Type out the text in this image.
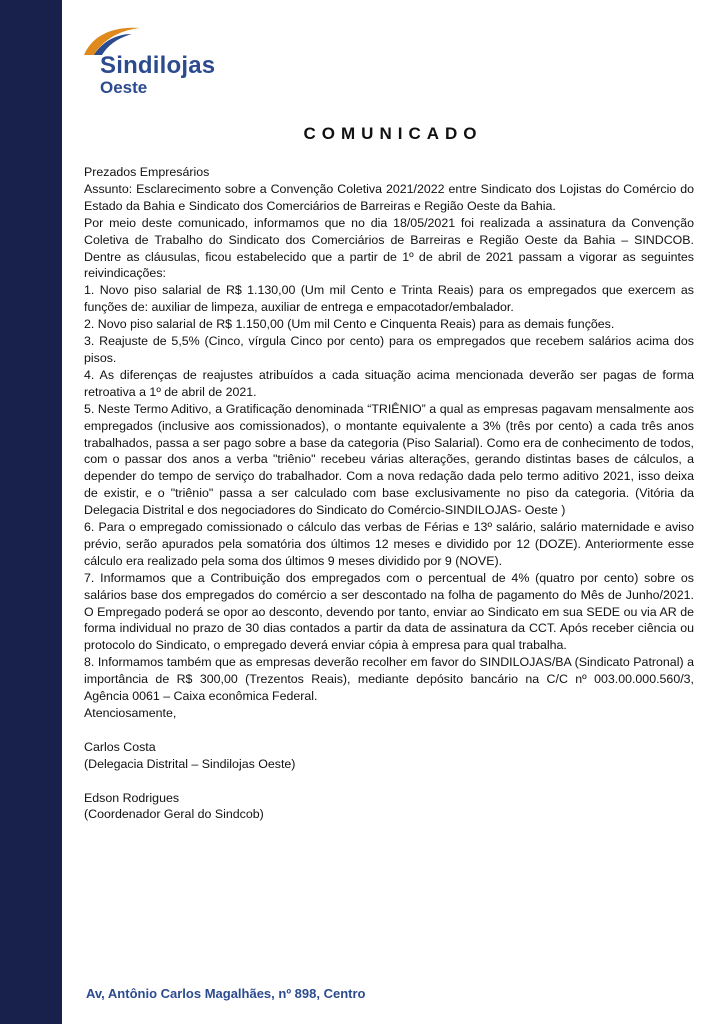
Sindilojas
Oeste
COMUNICADO

Prezados Empresários

Assunto: Esclarecimento sobre a Convenção Coletiva 2021/2022 entre Sindicato dos Lojistas do Comércio do Estado da Bahia e Sindicato dos Comerciários de Barreiras e Região Oeste da Bahia.

Por meio deste comunicado, informamos que no dia 18/05/2021 foi realizada a assinatura da Convenção Coletiva de Trabalho do Sindicato dos Comerciários de Barreiras e Região Oeste da Bahia – SINDCOB. Dentre as cláusulas, ficou estabelecido que a partir de 1º de abril de 2021 passam a vigorar as seguintes reivindicações:

1. Novo piso salarial de R$ 1.130,00 (Um mil Cento e Trinta Reais) para os empregados que exercem as funções de: auxiliar de limpeza, auxiliar de entrega e empacotador/embalador.

2. Novo piso salarial de R$ 1.150,00 (Um mil Cento e Cinquenta Reais) para as demais funções.

3. Reajuste de 5,5% (Cinco, vírgula Cinco por cento) para os empregados que recebem salários acima dos pisos.

4. As diferenças de reajustes atribuídos a cada situação acima mencionada deverão ser pagas de forma retroativa a 1º de abril de 2021.

5. Neste Termo Aditivo, a Gratificação denominada “TRIÊNIO” a qual as empresas pagavam mensalmente aos empregados (inclusive aos comissionados), o montante equivalente a 3% (três por cento) a cada três anos trabalhados, passa a ser pago sobre a base da categoria (Piso Salarial). Como era de conhecimento de todos, com o passar dos anos a verba "triênio" recebeu várias alterações, gerando distintas bases de cálculos, a depender do tempo de serviço do trabalhador. Com a nova redação dada pelo termo aditivo 2021, isso deixa de existir, e o "triênio" passa a ser calculado com base exclusivamente no piso da categoria. (Vitória da Delegacia Distrital e dos negociadores do Sindicato do Comércio-SINDILOJAS- Oeste )

6. Para o empregado comissionado o cálculo das verbas de Férias e 13º salário, salário maternidade e aviso prévio, serão apurados pela somatória dos últimos 12 meses e dividido por 12 (DOZE). Anteriormente esse cálculo era realizado pela soma dos últimos 9 meses dividido por 9 (NOVE).

7. Informamos que a Contribuição dos empregados com o percentual de 4% (quatro por cento) sobre os salários base dos empregados do comércio a ser descontado na folha de pagamento do Mês de Junho/2021. O Empregado poderá se opor ao desconto, devendo por tanto, enviar ao Sindicato em sua SEDE ou via AR de forma individual no prazo de 30 dias contados a partir da data de assinatura da CCT. Após receber ciência ou protocolo do Sindicato, o empregado deverá enviar cópia à empresa para qual trabalha.

8. Informamos também que as empresas deverão recolher em favor do SINDILOJAS/BA (Sindicato Patronal) a importância de R$ 300,00 (Trezentos Reais), mediante depósito bancário na C/C nº 003.00.000.560/3, Agência 0061 – Caixa econômica Federal.

Atenciosamente,

Carlos Costa

(Delegacia Distrital – Sindilojas Oeste)

Edson Rodrigues

(Coordenador Geral do Sindcob)

Av, Antônio Carlos Magalhães, nº 898, Centro
